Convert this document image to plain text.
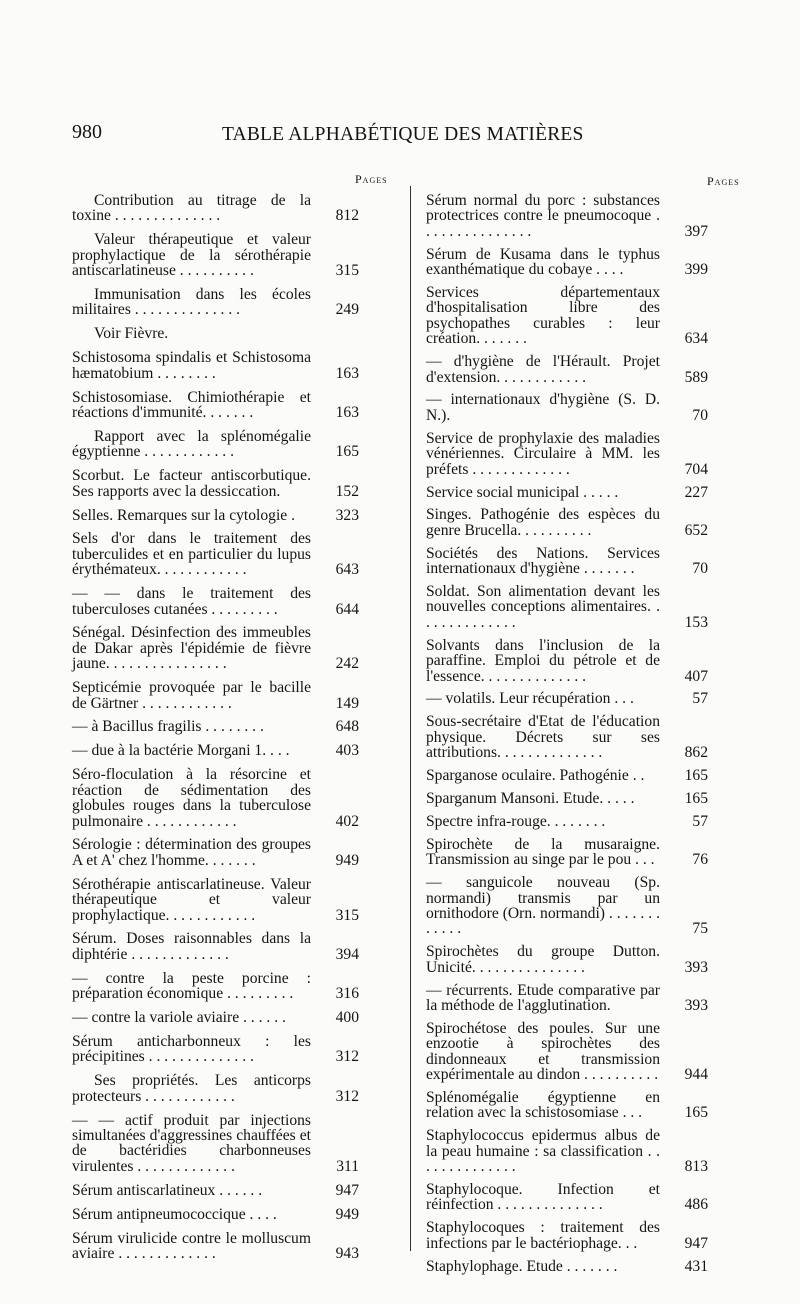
980	TABLE ALPHABÉTIQUE DES MATIÈRES
Pages	Pages
Contribution au titrage de la toxine . . . . . . . . . . . . . .	812
Valeur thérapeutique et valeur prophylactique de la sérothérapie antiscarlatineuse . . . . . . . . . .	315
Immunisation dans les écoles militaires . . . . . . . . . . . . . .	249
Voir Fièvre.
Schistosoma spindalis et Schistosoma hæmatobium . . . . . . . .	163
Schistosomiase. Chimiothérapie et réactions d'immunité. . . . . . .	163
Rapport avec la splénomégalie égyptienne . . . . . . . . . . . .	165
Scorbut. Le facteur antiscorbutique. Ses rapports avec la dessiccation.	152
Selles. Remarques sur la cytologie .	323
Sels d'or dans le traitement des tuberculides et en particulier du lupus érythémateux. . . . . . . . . . . .	643
— — dans le traitement des tuberculoses cutanées . . . . . . . . .	644
Sénégal. Désinfection des immeubles de Dakar après l'épidémie de fièvre jaune. . . . . . . . . . . . . . . .	242
Septicémie provoquée par le bacille de Gärtner . . . . . . . . . . . .	149
— à Bacillus fragilis . . . . . . . .	648
— due à la bactérie Morgani 1. . . .	403
Séro-floculation à la résorcine et réaction de sédimentation des globules rouges dans la tuberculose pulmonaire . . . . . . . . . . . .	402
Sérologie : détermination des groupes A et A' chez l'homme. . . . . . .	949
Sérothérapie antiscarlatineuse. Valeur thérapeutique et valeur prophylactique. . . . . . . . . . . .	315
Sérum. Doses raisonnables dans la diphtérie . . . . . . . . . . . . .	394
— contre la peste porcine : préparation économique . . . . . . . . .	316
— contre la variole aviaire . . . . . .	400
Sérum anticharbonneux : les précipitines . . . . . . . . . . . . . .	312
Ses propriétés. Les anticorps protecteurs . . . . . . . . . . . .	312
— — actif produit par injections simultanées d'aggressines chauffées et de bactéridies charbonneuses virulentes . . . . . . . . . . . . .	311
Sérum antiscarlatineux . . . . . .	947
Sérum antipneumococcique . . . .	949
Sérum virulicide contre le molluscum aviaire . . . . . . . . . . . . .	943
Sérum normal du porc : substances protectrices contre le pneumocoque . . . . . . . . . . . . . . .	397
Sérum de Kusama dans le typhus exanthématique du cobaye . . . .	399
Services départementaux d'hospitalisation libre des psychopathes curables : leur création. . . . . . .	634
— d'hygiène de l'Hérault. Projet d'extension. . . . . . . . . . . .	589
— internationaux d'hygiène (S. D. N.).	70
Service de prophylaxie des maladies vénériennes. Circulaire à MM. les préfets . . . . . . . . . . . . .	704
Service social municipal . . . . .	227
Singes. Pathogénie des espèces du genre Brucella. . . . . . . . . .	652
Sociétés des Nations. Services internationaux d'hygiène . . . . . . .	70
Soldat. Son alimentation devant les nouvelles conceptions alimentaires. . . . . . . . . . . . . .	153
Solvants dans l'inclusion de la paraffine. Emploi du pétrole et de l'essence. . . . . . . . . . . . . .	407
— volatils. Leur récupération . . .	57
Sous-secrétaire d'Etat de l'éducation physique. Décrets sur ses attributions. . . . . . . . . . . . . .	862
Sparganose oculaire. Pathogénie . .	165
Sparganum Mansoni. Etude. . . . .	165
Spectre infra-rouge. . . . . . . .	57
Spirochète de la musaraigne. Transmission au singe par le pou . . .	76
— sanguicole nouveau (Sp. normandi) transmis par un ornithodore (Orn. normandi) . . . . . . . . . . . .	75
Spirochètes du groupe Dutton. Unicité. . . . . . . . . . . . . . .	393
— récurrents. Etude comparative par la méthode de l'agglutination.	393
Spirochétose des poules. Sur une enzootie à spirochètes des dindonneaux et transmission expérimentale au dindon . . . . . . . . . .	944
Splénomégalie égyptienne en relation avec la schistosomiase . . .	165
Staphylococcus epidermus albus de la peau humaine : sa classification . . . . . . . . . . . . . .	813
Staphylocoque. Infection et réinfection . . . . . . . . . . . . . .	486
Staphylocoques : traitement des infections par le bactériophage. . .	947
Staphylophage. Etude . . . . . . .	431
